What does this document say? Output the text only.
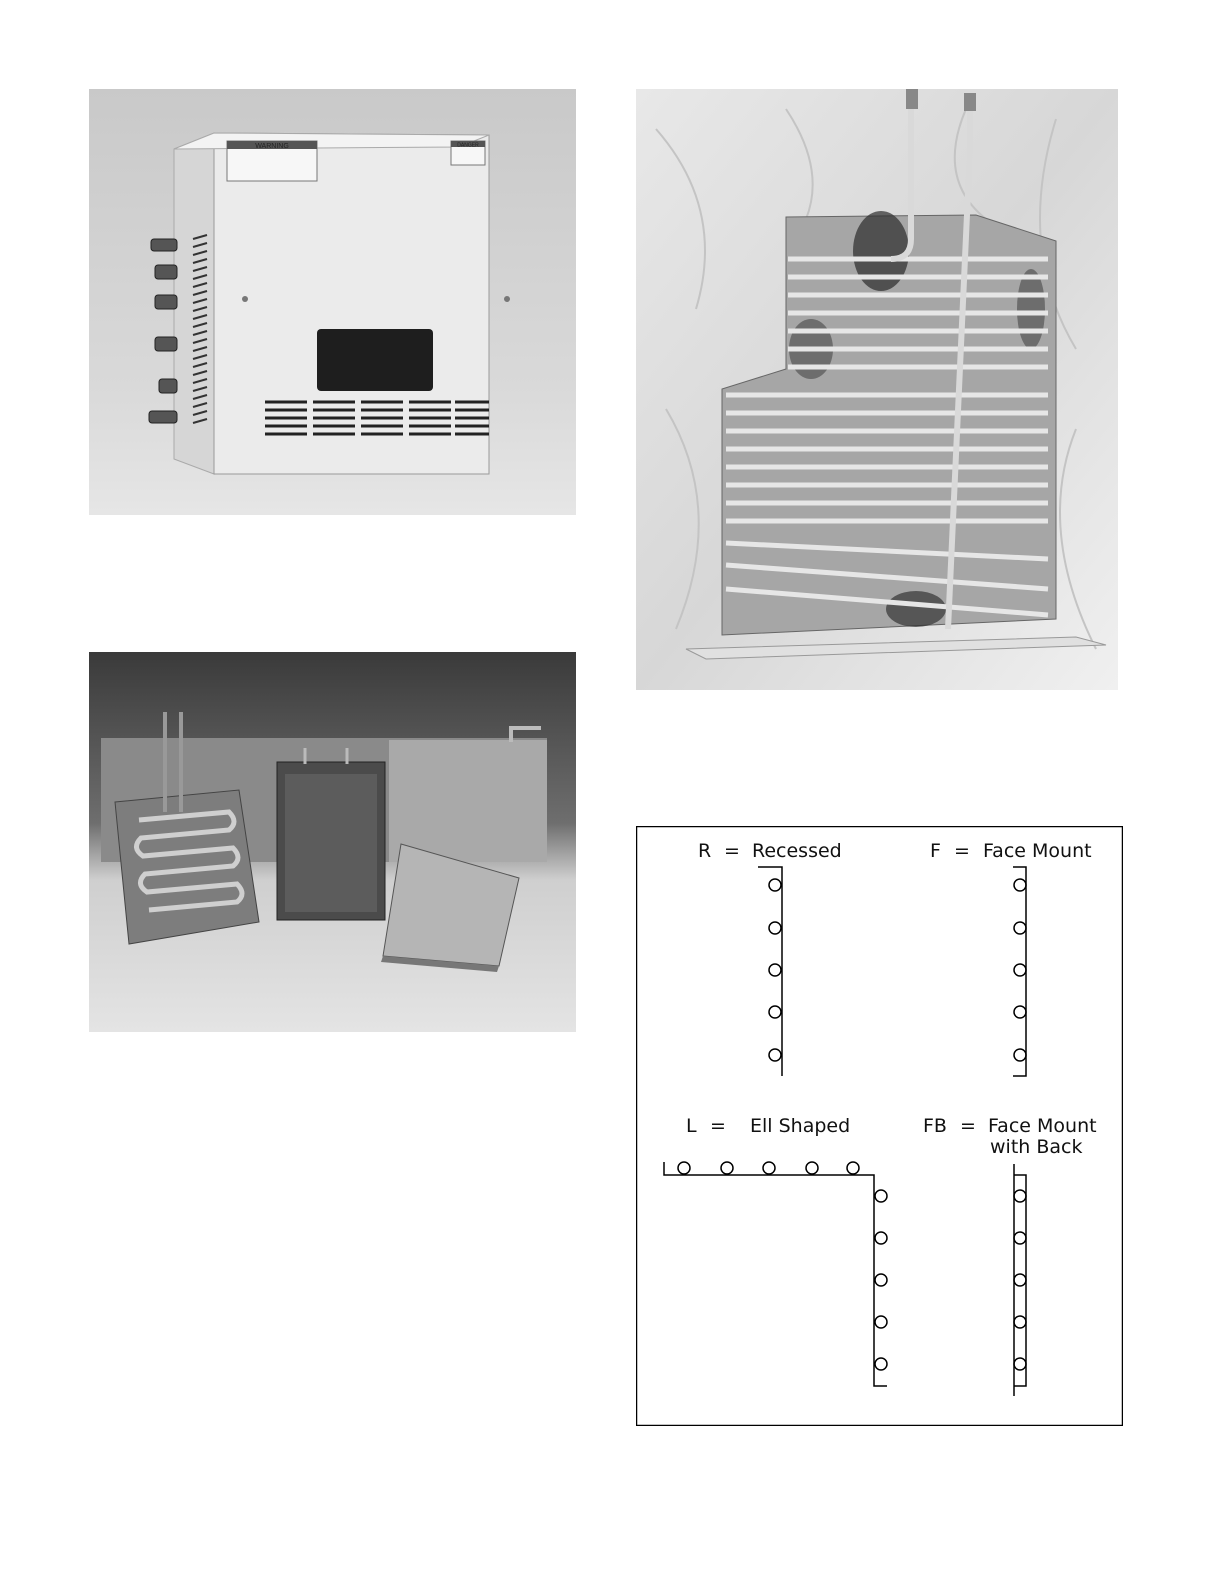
WARNING	DANGER
R = Recessed	F = Face Mount
L = Ell Shaped	FB = Face Mount
with Back
